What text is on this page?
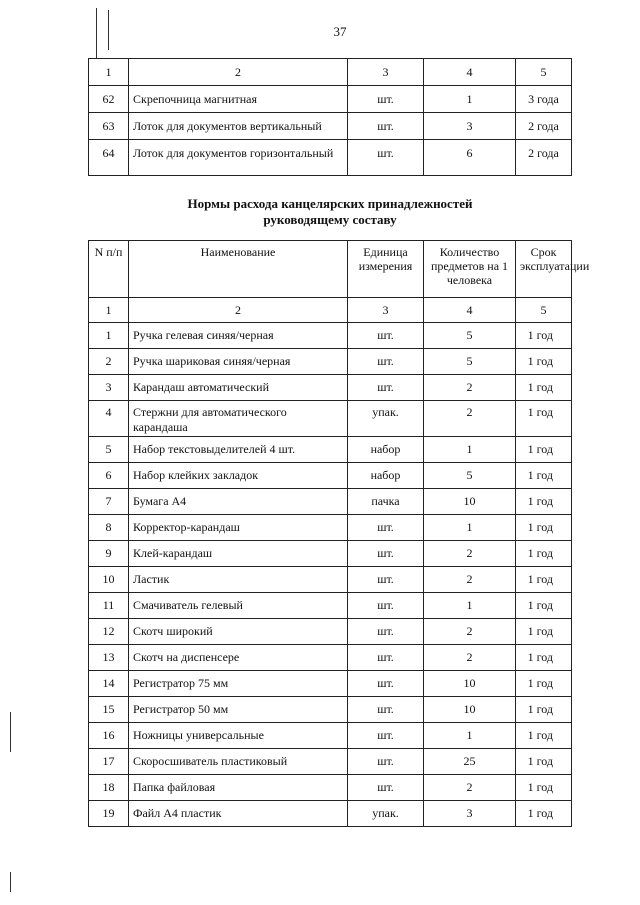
37
1	2	3	4	5
62	Скрепочница магнитная	шт.	1	3 года
63	Лоток для документов вертикальный	шт.	3	2 года
64	Лоток для документов горизонтальный	шт.	6	2 года
Нормы расхода канцелярских принадлежностей
руководящему составу
N п/п	Наименование	Единица измерения	Количество предметов на 1 человека	Срок эксплуатации
1	2	3	4	5
1	Ручка гелевая синяя/черная	шт.	5	1 год
2	Ручка шариковая синяя/черная	шт.	5	1 год
3	Карандаш автоматический	шт.	2	1 год
4	Стержни для автоматического карандаша	упак.	2	1 год
5	Набор текстовыделителей 4 шт.	набор	1	1 год
6	Набор клейких закладок	набор	5	1 год
7	Бумага А4	пачка	10	1 год
8	Корректор-карандаш	шт.	1	1 год
9	Клей-карандаш	шт.	2	1 год
10	Ластик	шт.	2	1 год
11	Смачиватель гелевый	шт.	1	1 год
12	Скотч широкий	шт.	2	1 год
13	Скотч на диспенсере	шт.	2	1 год
14	Регистратор 75 мм	шт.	10	1 год
15	Регистратор 50 мм	шт.	10	1 год
16	Ножницы универсальные	шт.	1	1 год
17	Скоросшиватель пластиковый	шт.	25	1 год
18	Папка файловая	шт.	2	1 год
19	Файл А4 пластик	упак.	3	1 год
